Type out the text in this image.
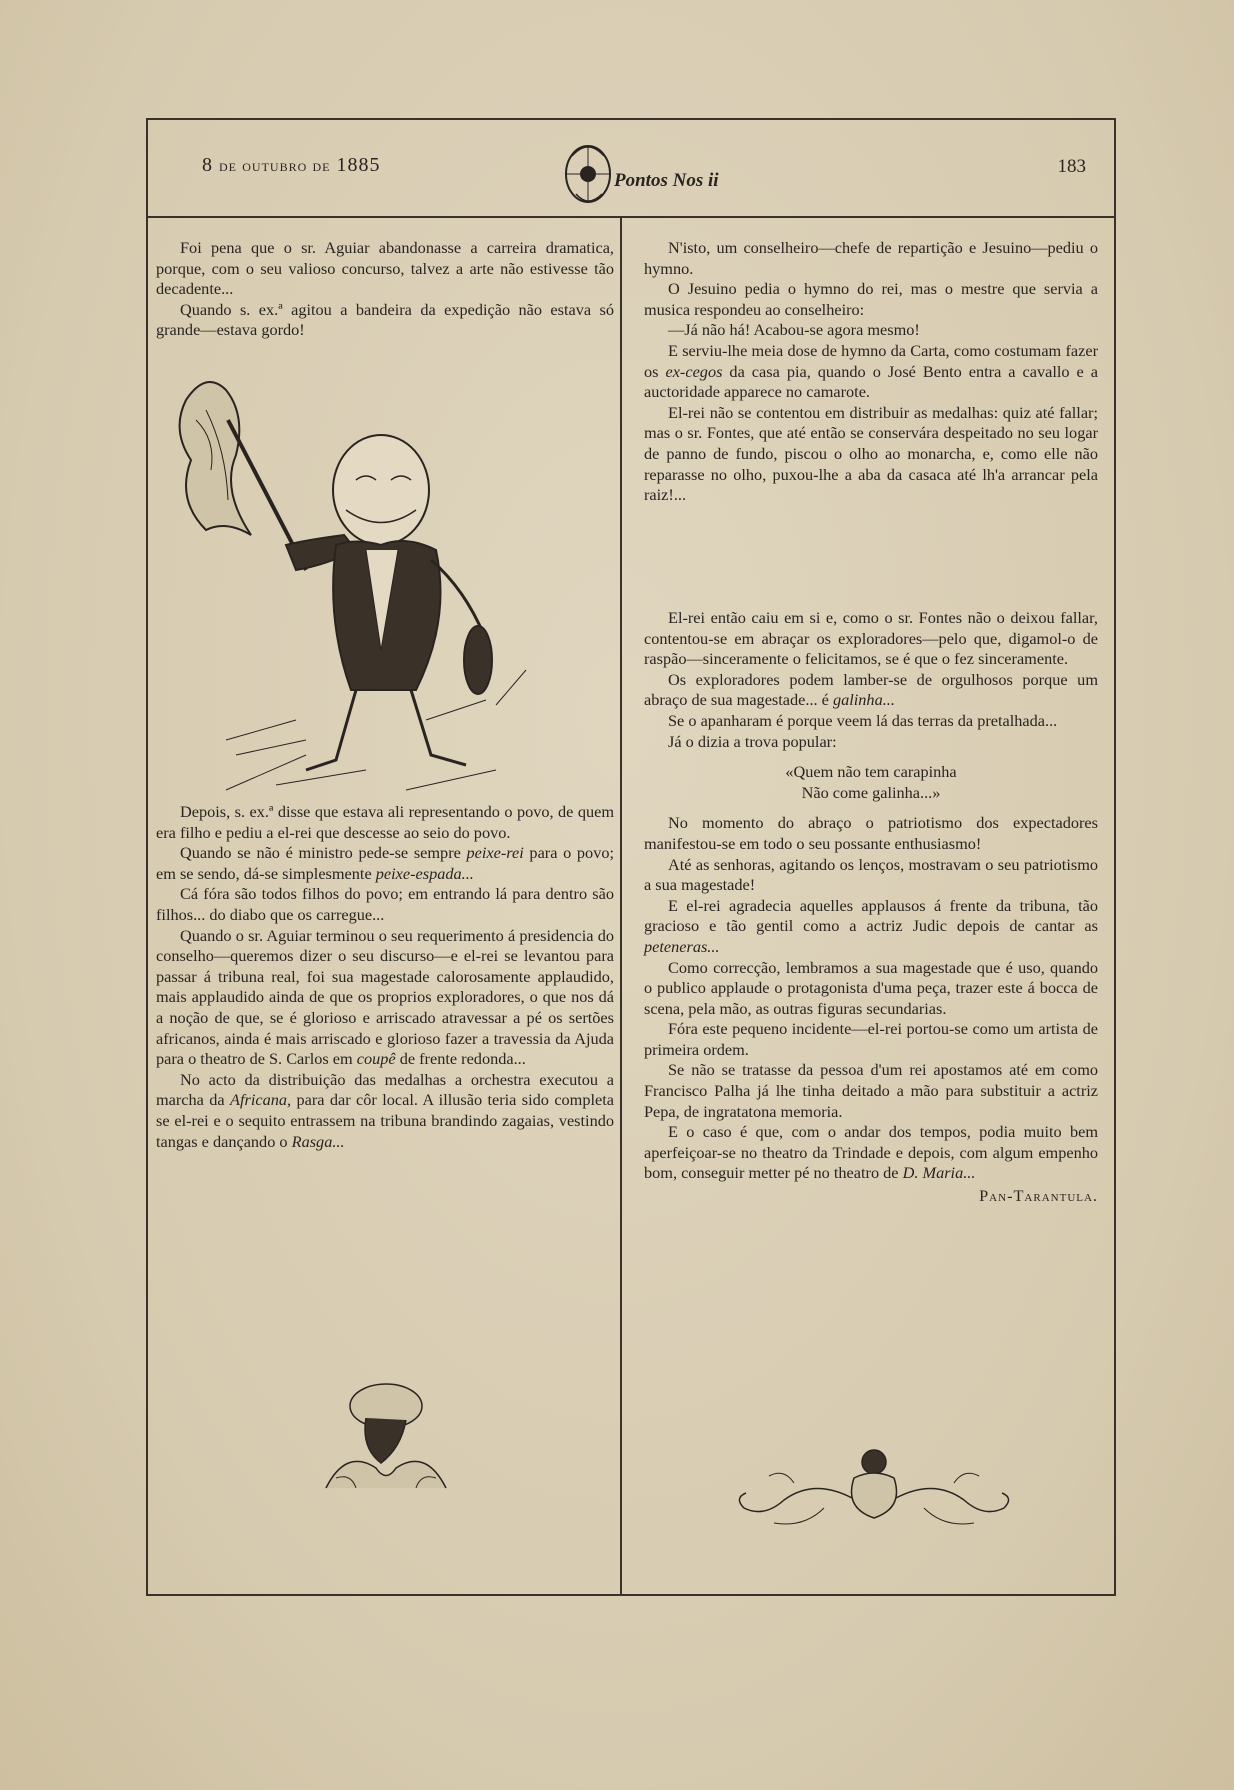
8 de outubro de 1885
Pontos Nos ii
183

Foi pena que o sr. Aguiar abandonasse a carreira dramatica, porque, com o seu valioso concurso, talvez a arte não estivesse tão decadente...

Quando s. ex.ª agitou a bandeira da expedição não estava só grande—estava gordo!

Depois, s. ex.ª disse que estava ali representando o povo, de quem era filho e pediu a el-rei que descesse ao seio do povo.

Quando se não é ministro pede-se sempre peixe-rei para o povo; em se sendo, dá-se simplesmente peixe-espada...

Cá fóra são todos filhos do povo; em entrando lá para dentro são filhos... do diabo que os carregue...

Quando o sr. Aguiar terminou o seu requerimento á presidencia do conselho—queremos dizer o seu discurso—e el-rei se levantou para passar á tribuna real, foi sua magestade calorosamente applaudido, mais applaudido ainda de que os proprios exploradores, o que nos dá a noção de que, se é glorioso e arriscado atravessar a pé os sertões africanos, ainda é mais arriscado e glorioso fazer a travessia da Ajuda para o theatro de S. Carlos em coupê de frente redonda...

No acto da distribuição das medalhas a orchestra executou a marcha da Africana, para dar côr local. A illusão teria sido completa se el-rei e o sequito entrassem na tribuna brandindo zagaias, vestindo tangas e dançando o Rasga...

N'isto, um conselheiro—chefe de repartição e Jesuino—pediu o hymno.

O Jesuino pedia o hymno do rei, mas o mestre que servia a musica respondeu ao conselheiro:

—Já não há! Acabou-se agora mesmo!

E serviu-lhe meia dose de hymno da Carta, como costumam fazer os ex-cegos da casa pia, quando o José Bento entra a cavallo e a auctoridade apparece no camarote.

El-rei não se contentou em distribuir as medalhas: quiz até fallar; mas o sr. Fontes, que até então se conservára despeitado no seu logar de panno de fundo, piscou o olho ao monarcha, e, como elle não reparasse no olho, puxou-lhe a aba da casaca até lh'a arrancar pela raiz!...

El-rei então caiu em si e, como o sr. Fontes não o deixou fallar, contentou-se em abraçar os exploradores—pelo que, digamol-o de raspão—sinceramente o felicitamos, se é que o fez sinceramente.

Os exploradores podem lamber-se de orgulhosos porque um abraço de sua magestade... é galinha...

Se o apanharam é porque veem lá das terras da pretalhada...

Já o dizia a trova popular:

«Quem não tem carapinha

Não come galinha...»

No momento do abraço o patriotismo dos expectadores manifestou-se em todo o seu possante enthusiasmo!

Até as senhoras, agitando os lenços, mostravam o seu patriotismo a sua magestade!

E el-rei agradecia aquelles applausos á frente da tribuna, tão gracioso e tão gentil como a actriz Judic depois de cantar as peteneras...

Como correcção, lembramos a sua magestade que é uso, quando o publico applaude o protagonista d'uma peça, trazer este á bocca de scena, pela mão, as outras figuras secundarias.

Fóra este pequeno incidente—el-rei portou-se como um artista de primeira ordem.

Se não se tratasse da pessoa d'um rei apostamos até em como Francisco Palha já lhe tinha deitado a mão para substituir a actriz Pepa, de ingratatona memoria.

E o caso é que, com o andar dos tempos, podia muito bem aperfeiçoar-se no theatro da Trindade e depois, com algum empenho bom, conseguir metter pé no theatro de D. Maria...

Pan-Tarantula.
